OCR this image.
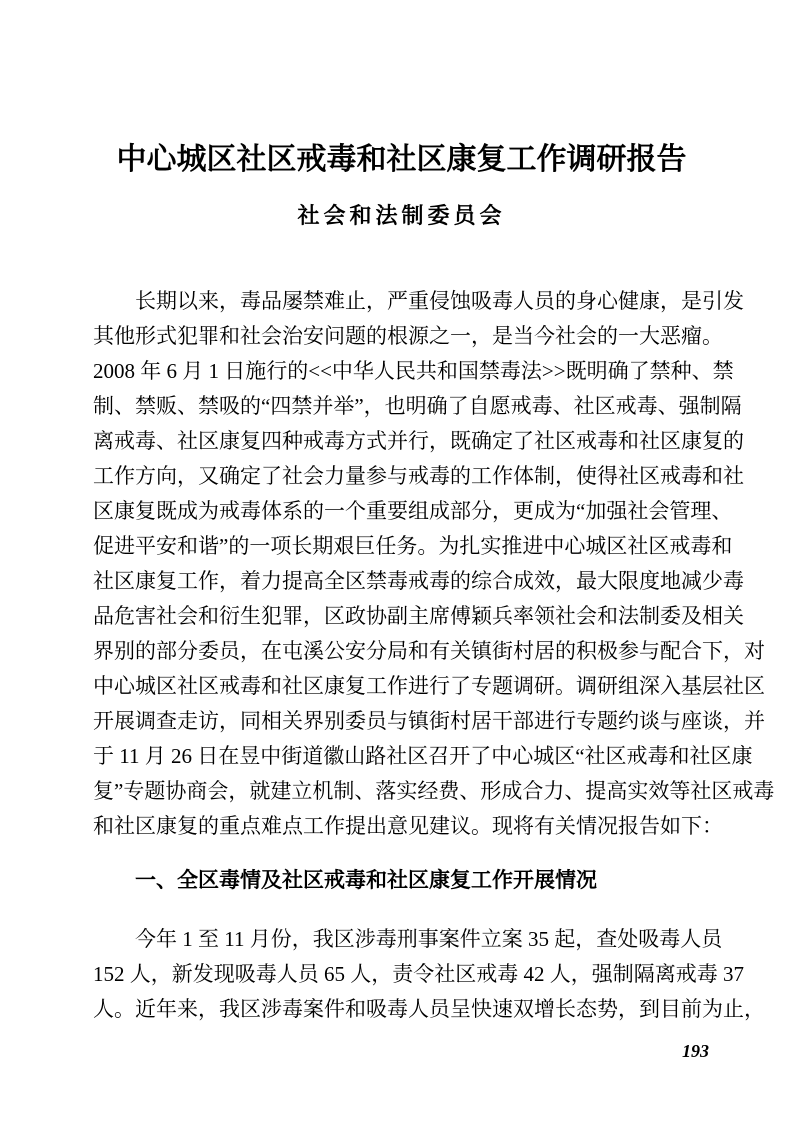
中心城区社区戒毒和社区康复工作调研报告
社会和法制委员会
长期以来，毒品屡禁难止，严重侵蚀吸毒人员的身心健康，是引发
其他形式犯罪和社会治安问题的根源之一，是当今社会的一大恶瘤。
2008 年 6 月 1 日施行的<<中华人民共和国禁毒法>>既明确了禁种、禁
制、禁贩、禁吸的“四禁并举”，也明确了自愿戒毒、社区戒毒、强制隔
离戒毒、社区康复四种戒毒方式并行，既确定了社区戒毒和社区康复的
工作方向，又确定了社会力量参与戒毒的工作体制，使得社区戒毒和社
区康复既成为戒毒体系的一个重要组成部分，更成为“加强社会管理、
促进平安和谐”的一项长期艰巨任务。为扎实推进中心城区社区戒毒和
社区康复工作，着力提高全区禁毒戒毒的综合成效，最大限度地减少毒
品危害社会和衍生犯罪，区政协副主席傅颖兵率领社会和法制委及相关
界别的部分委员，在屯溪公安分局和有关镇街村居的积极参与配合下，对
中心城区社区戒毒和社区康复工作进行了专题调研。调研组深入基层社区
开展调查走访，同相关界别委员与镇街村居干部进行专题约谈与座谈，并
于 11 月 26 日在昱中街道徽山路社区召开了中心城区“社区戒毒和社区康
复”专题协商会，就建立机制、落实经费、形成合力、提高实效等社区戒毒
和社区康复的重点难点工作提出意见建议。现将有关情况报告如下：
一、全区毒情及社区戒毒和社区康复工作开展情况
今年 1 至 11 月份，我区涉毒刑事案件立案 35 起，查处吸毒人员
152 人，新发现吸毒人员 65 人，责令社区戒毒 42 人，强制隔离戒毒 37
人。近年来，我区涉毒案件和吸毒人员呈快速双增长态势，到目前为止，
193
